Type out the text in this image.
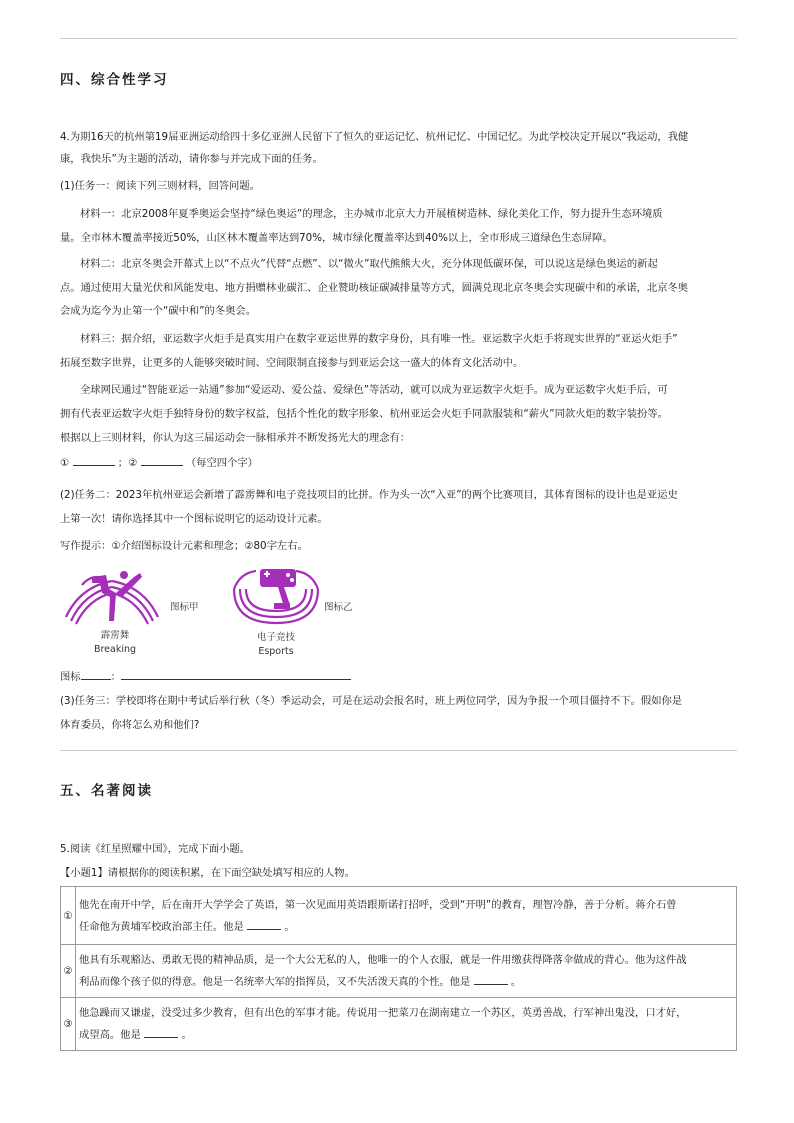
四、综合性学习
4.为期16天的杭州第19届亚洲运动给四十多亿亚洲人民留下了恒久的亚运记忆、杭州记忆、中国记忆。为此学校决定开展以“我运动，我健
康，我快乐”为主题的活动，请你参与并完成下面的任务。
(1)任务一：阅读下列三则材料，回答问题。
材料一：北京2008年夏季奥运会坚持“绿色奥运”的理念，主办城市北京大力开展植树造林、绿化美化工作，努力提升生态环境质
量。全市林木覆盖率接近50%，山区林木覆盖率达到70%，城市绿化覆盖率达到40%以上，全市形成三道绿色生态屏障。
材料二：北京冬奥会开幕式上以“不点火”代替“点燃”、以“微火”取代熊熊大火，充分体现低碳环保，可以说这是绿色奥运的新起
点。通过使用大量光伏和风能发电、地方捐赠林业碳汇、企业赞助核证碳减排量等方式，圆满兑现北京冬奥会实现碳中和的承诺，北京冬奥
会成为迄今为止第一个“碳中和”的冬奥会。
材料三：据介绍，亚运数字火炬手是真实用户在数字亚运世界的数字身份，具有唯一性。亚运数字火炬手将现实世界的“亚运火炬手”
拓展至数字世界，让更多的人能够突破时间、空间限制直接参与到亚运会这一盛大的体育文化活动中。
全球网民通过“智能亚运一站通”参加“爱运动、爱公益、爱绿色”等活动，就可以成为亚运数字火炬手。成为亚运数字火炬手后，可
拥有代表亚运数字火炬手独特身份的数字权益，包括个性化的数字形象、杭州亚运会火炬手同款服装和“薪火”同款火炬的数字装扮等。
根据以上三则材料，你认为这三届运动会一脉相承并不断发扬光大的理念有：
①	；②	（每空四个字）
(2)任务二：2023年杭州亚运会新增了霹雳舞和电子竞技项目的比拼。作为头一次“入亚”的两个比赛项目，其体育图标的设计也是亚运史
上第一次！请你选择其中一个图标说明它的运动设计元素。
写作提示：①介绍图标设计元素和理念；②80字左右。
图标甲
霹雳舞
Breaking
图标乙
电子竞技
Esports
图标	：
(3)任务三：学校即将在期中考试后举行秋（冬）季运动会，可是在运动会报名时，班上两位同学，因为争报一个项目僵持不下。假如你是
体育委员，你将怎么劝和他们?
五、名著阅读
5.阅读《红星照耀中国》，完成下面小题。
【小题1】请根据你的阅读积累，在下面空缺处填写相应的人物。
①	他先在南开中学，后在南开大学学会了英语，第一次见面用英语跟斯诺打招呼，受到“开明”的教育，理智冷静，善于分析。蒋介石曾
任命他为黄埔军校政治部主任。他是 。

②	他具有乐观豁达、勇敢无畏的精神品质，是一个大公无私的人，他唯一的个人衣服，就是一件用缴获得降落伞做成的背心。他为这件战
利品而像个孩子似的得意。他是一名统率大军的指挥员，又不失活泼天真的个性。他是 。

③	他急躁而又谦虚，没受过多少教育，但有出色的军事才能。传说用一把菜刀在湖南建立一个苏区，英勇善战，行军神出鬼没，口才好，
成望高。他是 。
